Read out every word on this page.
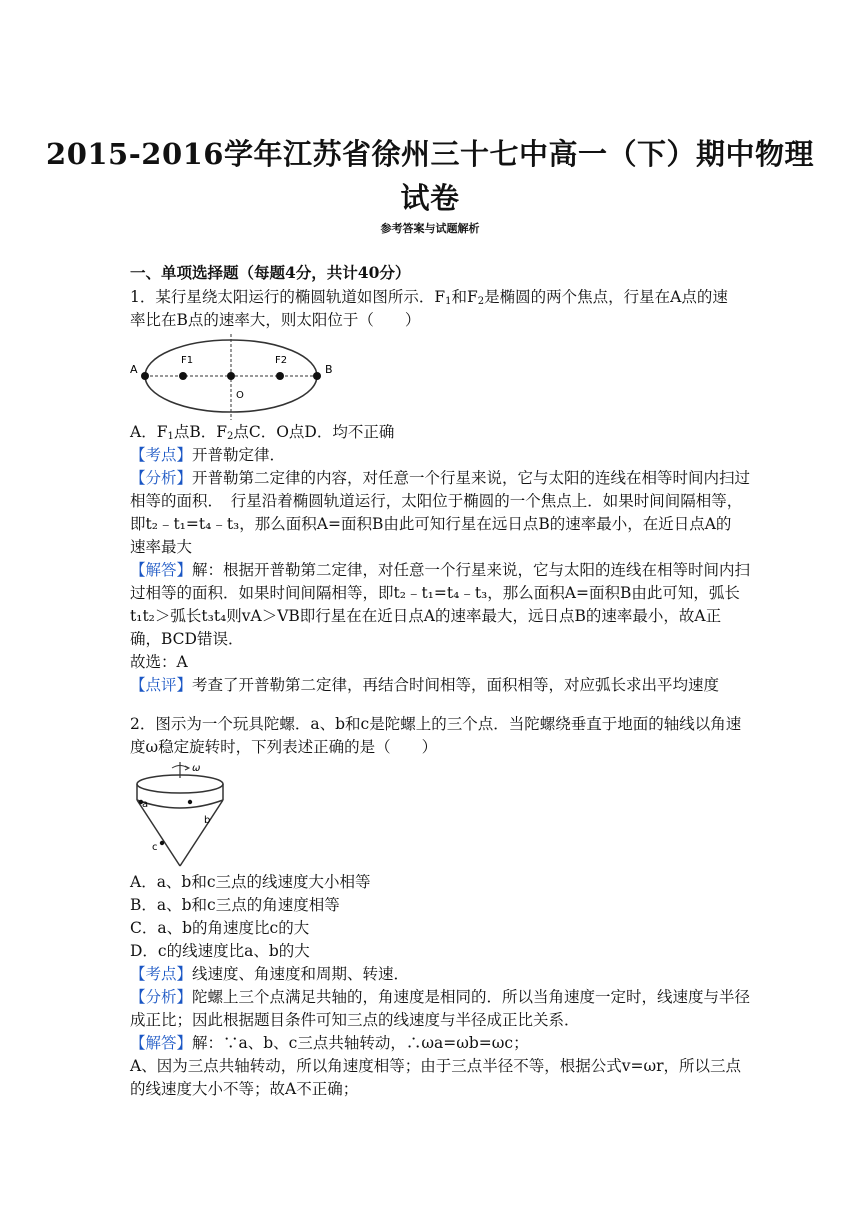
2015-2016学年江苏省徐州三十七中高一（下）期中物理
试卷
参考答案与试题解析
一、单项选择题（每题4分，共计40分）
1．某行星绕太阳运行的椭圆轨道如图所示．$F_1$和$F_2$是椭圆的两个焦点，行星在A点的速
率比在B点的速率大，则太阳位于（　　）
A	B
F1	F2
O
A．$F_1$点B．$F_2$点C．O点D．均不正确
【考点】开普勒定律．
【分析】开普勒第二定律的内容，对任意一个行星来说，它与太阳的连线在相等时间内扫过
相等的面积．　行星沿着椭圆轨道运行，太阳位于椭圆的一个焦点上．如果时间间隔相等，
即t₂﹣t₁=t₄﹣t₃，那么面积A=面积B由此可知行星在远日点B的速率最小，在近日点A的
速率最大
【解答】解：根据开普勒第二定律，对任意一个行星来说，它与太阳的连线在相等时间内扫
过相等的面积．如果时间间隔相等，即t₂﹣t₁=t₄﹣t₃，那么面积A=面积B由此可知，弧长
t₁t₂＞弧长t₃t₄则vA＞VB即行星在在近日点A的速率最大，远日点B的速率最小，故A正
确，BCD错误．
故选：A
【点评】考查了开普勒第二定律，再结合时间相等，面积相等，对应弧长求出平均速度
2．图示为一个玩具陀螺．a、b和c是陀螺上的三个点．当陀螺绕垂直于地面的轴线以角速
度ω稳定旋转时，下列表述正确的是（　　）
ω
a
b
c
A．a、b和c三点的线速度大小相等
B．a、b和c三点的角速度相等
C．a、b的角速度比c的大
D．c的线速度比a、b的大
【考点】线速度、角速度和周期、转速．
【分析】陀螺上三个点满足共轴的，角速度是相同的．所以当角速度一定时，线速度与半径
成正比；因此根据题目条件可知三点的线速度与半径成正比关系．
【解答】解：∵a、b、c三点共轴转动，∴ωa=ωb=ωc；
A、因为三点共轴转动，所以角速度相等；由于三点半径不等，根据公式v=ωr，所以三点
的线速度大小不等；故A不正确；
